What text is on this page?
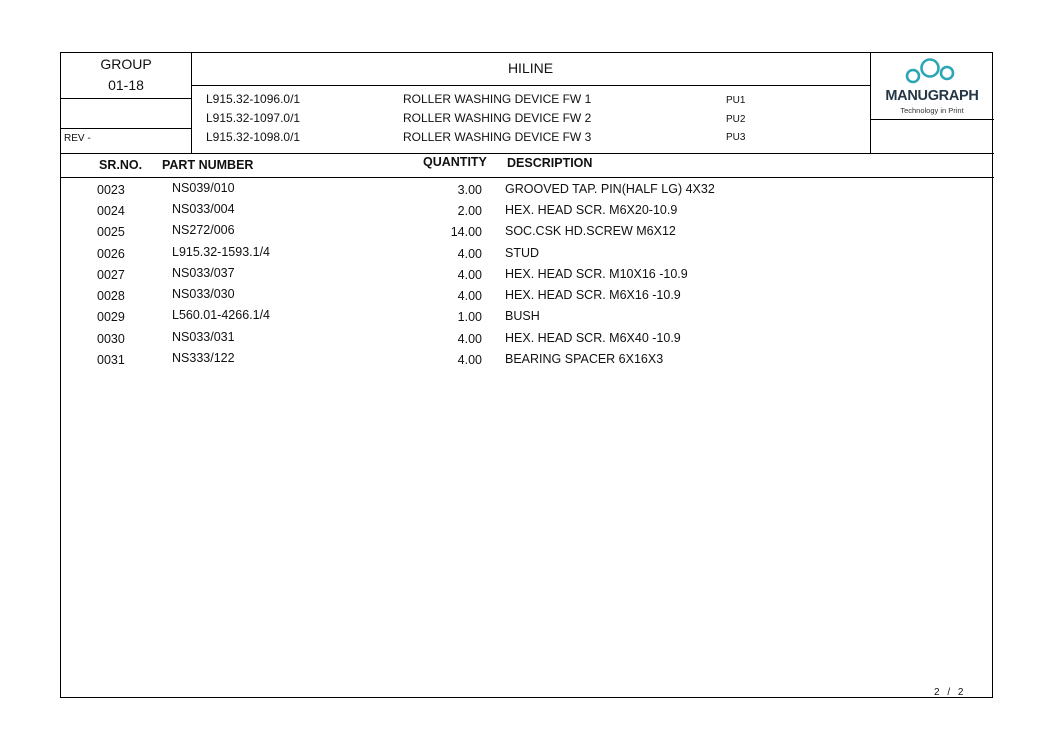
GROUP
01-18
REV -
HILINE
L915.32-1096.0/1	ROLLER WASHING DEVICE FW 1	PU1
L915.32-1097.0/1	ROLLER WASHING DEVICE FW 2	PU2
L915.32-1098.0/1	ROLLER WASHING DEVICE FW 3	PU3
MANUGRAPH
Technology in Print
SR.NO. PART NUMBER	QUANTITY DESCRIPTION
0023	NS039/010	3.00 GROOVED TAP. PIN(HALF LG) 4X32
0024	NS033/004	2.00 HEX. HEAD SCR. M6X20-10.9
0025	NS272/006	14.00 SOC.CSK HD.SCREW M6X12
0026	L915.32-1593.1/4	4.00 STUD
0027	NS033/037	4.00 HEX. HEAD SCR. M10X16 -10.9
0028	NS033/030	4.00 HEX. HEAD SCR. M6X16 -10.9
0029	L560.01-4266.1/4	1.00 BUSH
0030	NS033/031	4.00 HEX. HEAD SCR. M6X40 -10.9
0031	NS333/122	4.00 BEARING SPACER 6X16X3
2 / 2
